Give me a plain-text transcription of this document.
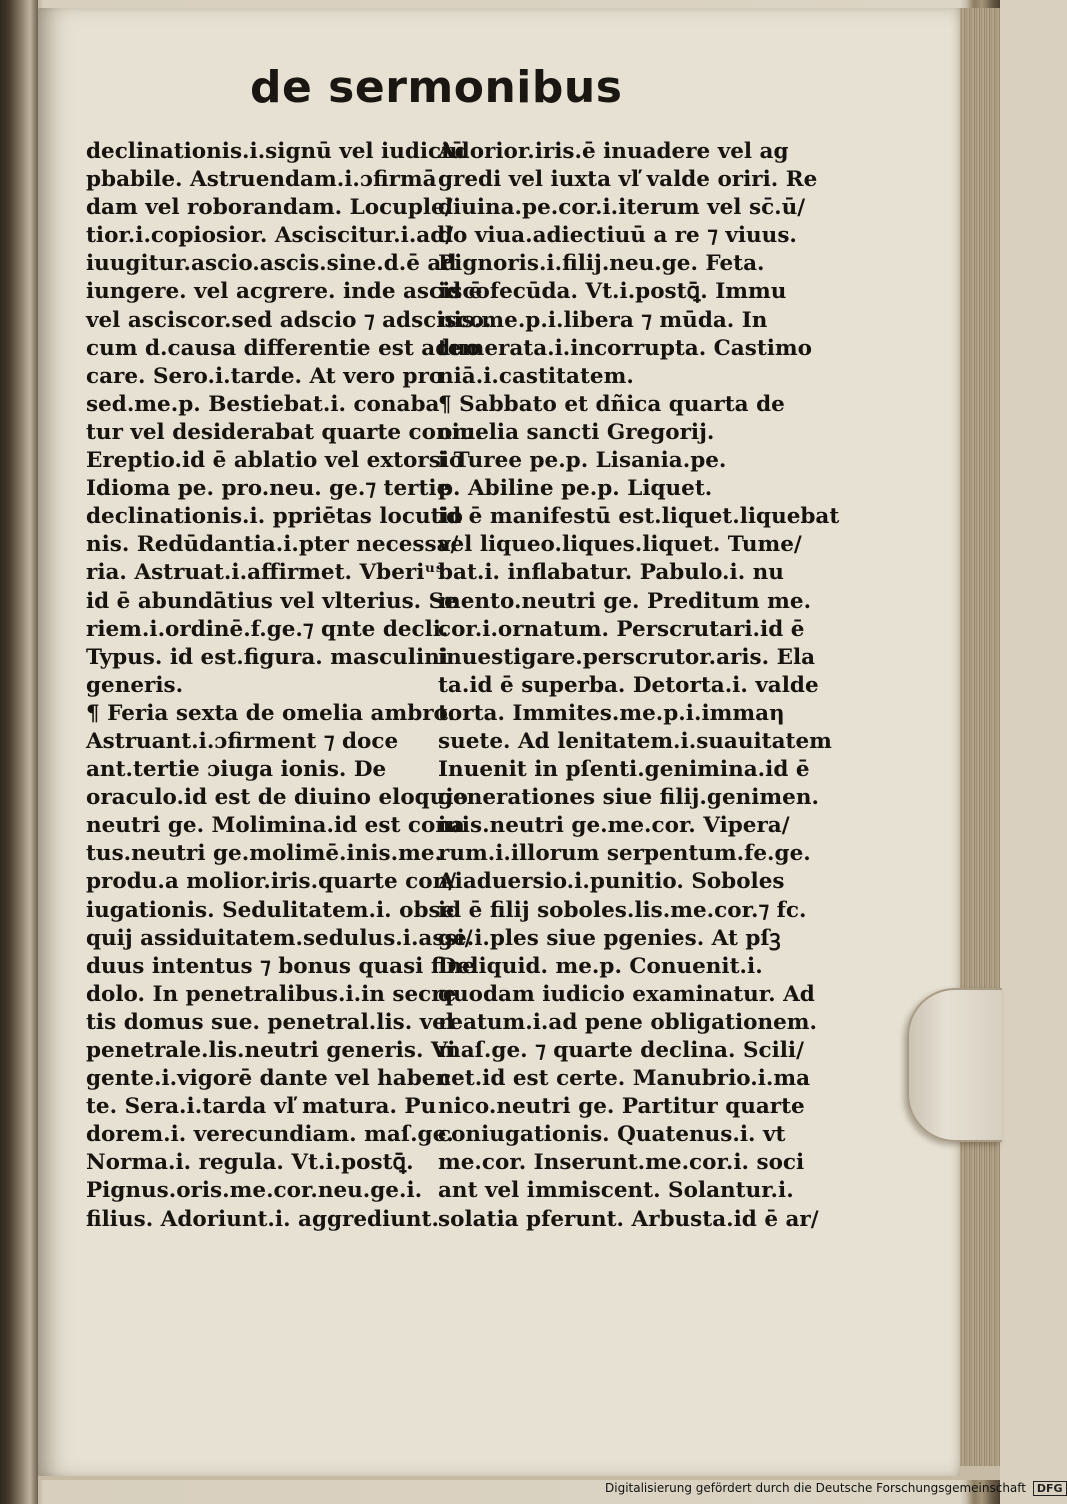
de sermonibus
declinationis.i.signū vel iudiciū
pbabile. Astruendam.i.ɔfirmā
dam vel roborandam. Locuple/
tior.i.copiosior. Asciscitur.i.ad/
iuugitur.ascio.ascis.sine.d.ē ad
iungere. vel acgrere. inde asciscο
vel asciscor.sed adscio ⁊ adsciscο.
cum d.causa differentie est aduo
care. Sero.i.tarde. At vero pro
sed.me.p. Bestiebat.i. conaba
tur vel desiderabat quarte coniu.
Ereptio.id ē ablatio vel extorsio
Idioma pe. pro.neu. ge.⁊ tertie
declinationis.i. ppriētas locutio
nis. Redūdantia.i.pter necessa/
ria. Astruat.i.affirmet. Vberiᵘˢ
id ē abundātius vel vlterius. Se
riem.i.ordinē.f.ge.⁊ qnte decli.
Typus. id est.figura. masculini
generis.
¶ Feria sexta de omelia ambro.
Astruant.i.ɔfirment ⁊ doce
ant.tertie ɔiuga ionis. De
oraculo.id est de diuino eloquio
neutri ge. Molimina.id est cona
tus.neutri ge.molimē.inis.me.
produ.a molior.iris.quarte con/
iugationis. Sedulitatem.i. obse
quij assiduitatem.sedulus.i.assi/
duus intentus ⁊ bonus quasi fine
dolo. In penetralibus.i.in secre
tis domus sue. penetral.lis. vel
penetrale.lis.neutri generis. Vi
gente.i.vigorē dante vel haben
te. Sera.i.tarda vľ matura. Pu
dorem.i. verecundiam. maſ.ge.
Norma.i. regula. Vt.i.postꝗ̄.
Pignus.oris.me.cor.neu.ge.i.
filius. Adoriunt.i. aggrediunt.
Adorior.iris.ē inuadere vel ag
gredi vel iuxta vľ valde oriri. Re
diuina.pe.cor.i.iterum vel sc̄.ū/
do viua.adiectiuū a re ⁊ viuus.
Pignoris.i.filij.neu.ge. Feta.
id ē fecūda. Vt.i.postꝗ̄. Immu
nis.me.p.i.libera ⁊ mūda. In
temerata.i.incorrupta. Castimo
niā.i.castitatem.
¶ Sabbato et dñica quarta de
omelia sancti Gregorij.
i Turee pe.p. Lisania.pe.
p. Abiline pe.p. Liquet.
id ē manifestū est.liquet.liquebat
vel liqueo.liques.liquet. Tume/
bat.i. inflabatur. Pabulo.i. nu
mento.neutri ge. Preditum me.
cor.i.ornatum. Perscrutari.id ē
inuestigare.perscrutor.aris. Ela
ta.id ē superba. Detorta.i. valde
torta. Immites.me.p.i.immaη
suete. Ad lenitatem.i.suauitatem
Inuenit in pſenti.genimina.id ē
generationes siue filij.genimen.
inis.neutri ge.me.cor. Vipera/
rum.i.illorum serpentum.fe.ge.
Aiaduersio.i.punitio. Soboles
id ē filij soboles.lis.me.cor.⁊ fc.
ge.i.ples siue pgenies. At pſꝫ
Deliquid. me.p. Conuenit.i.
quodam iudicio examinatur. Ad
reatum.i.ad pene obligationem.
maſ.ge. ⁊ quarte declina. Scili/
cet.id est certe. Manubrio.i.ma
nico.neutri ge. Partitur quarte
coniugationis. Quatenus.i. vt
me.cor. Inserunt.me.cor.i. soci
ant vel immiscent. Solantur.i.
solatia pferunt. Arbusta.id ē ar/
Digitalisierung gefördert durch die Deutsche Forschungsgemeinschaft DFG
